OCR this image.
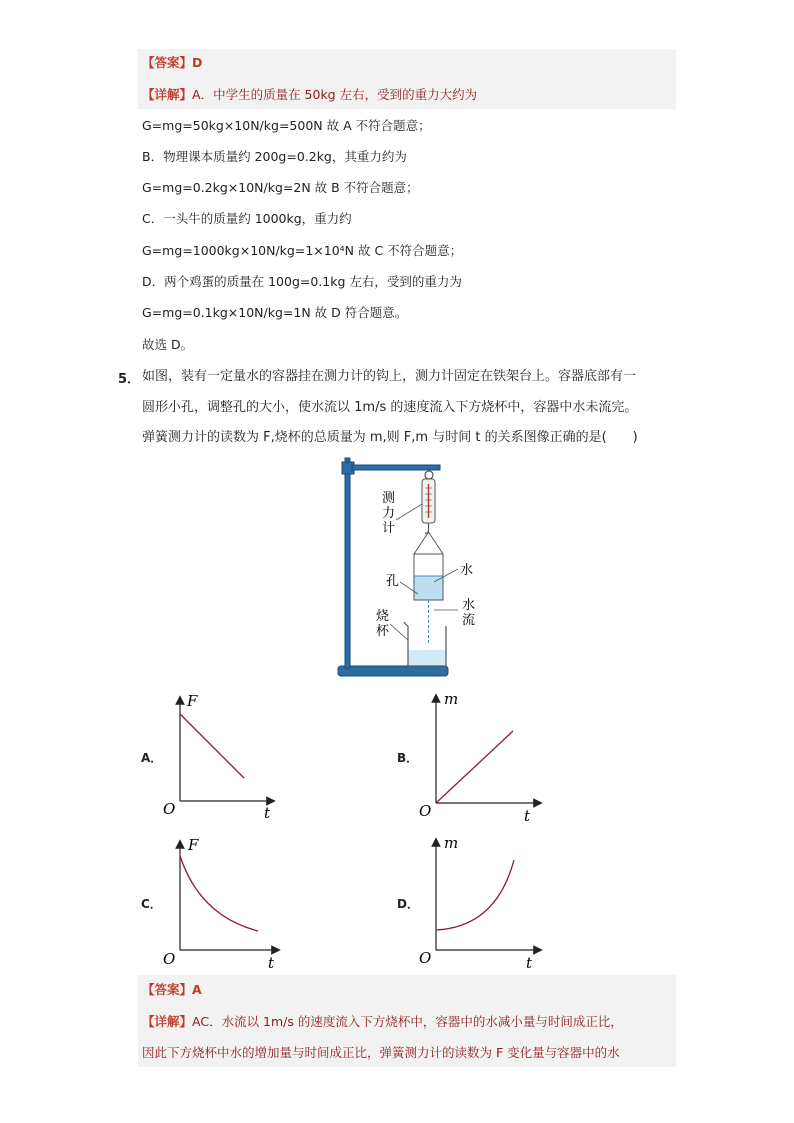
【答案】D
【详解】A．中学生的质量在 50kg 左右，受到的重力大约为
G=mg=50kg×10N/kg=500N 故 A 不符合题意；
B．物理课本质量约 200g=0.2kg，其重力约为
G=mg=0.2kg×10N/kg=2N 故 B 不符合题意；
C．一头牛的质量约 1000kg，重力约
G=mg=1000kg×10N/kg=1×10⁴N 故 C 不符合题意；
D．两个鸡蛋的质量在 100g=0.1kg 左右，受到的重力为
G=mg=0.1kg×10N/kg=1N 故 D 符合题意。
故选 D。
5． 如图，装有一定量水的容器挂在测力计的钩上，测力计固定在铁架台上。容器底部有一
圆形小孔，调整孔的大小，使水流以 1m/s 的速度流入下方烧杯中，容器中水未流完。
弹簧测力计的读数为 F,烧杯的总质量为 m,则 F,m 与时间 t 的关系图像正确的是(　　)
测
力
计
水
孔
水
流
烧
杯
A．	B．
C．	D．
F
O	t
m
O	t
F
O	t
m
O	t
【答案】A
【详解】AC．水流以 1m/s 的速度流入下方烧杯中，容器中的水减小量与时间成正比，
因此下方烧杯中水的增加量与时间成正比，弹簧测力计的读数为 F 变化量与容器中的水
